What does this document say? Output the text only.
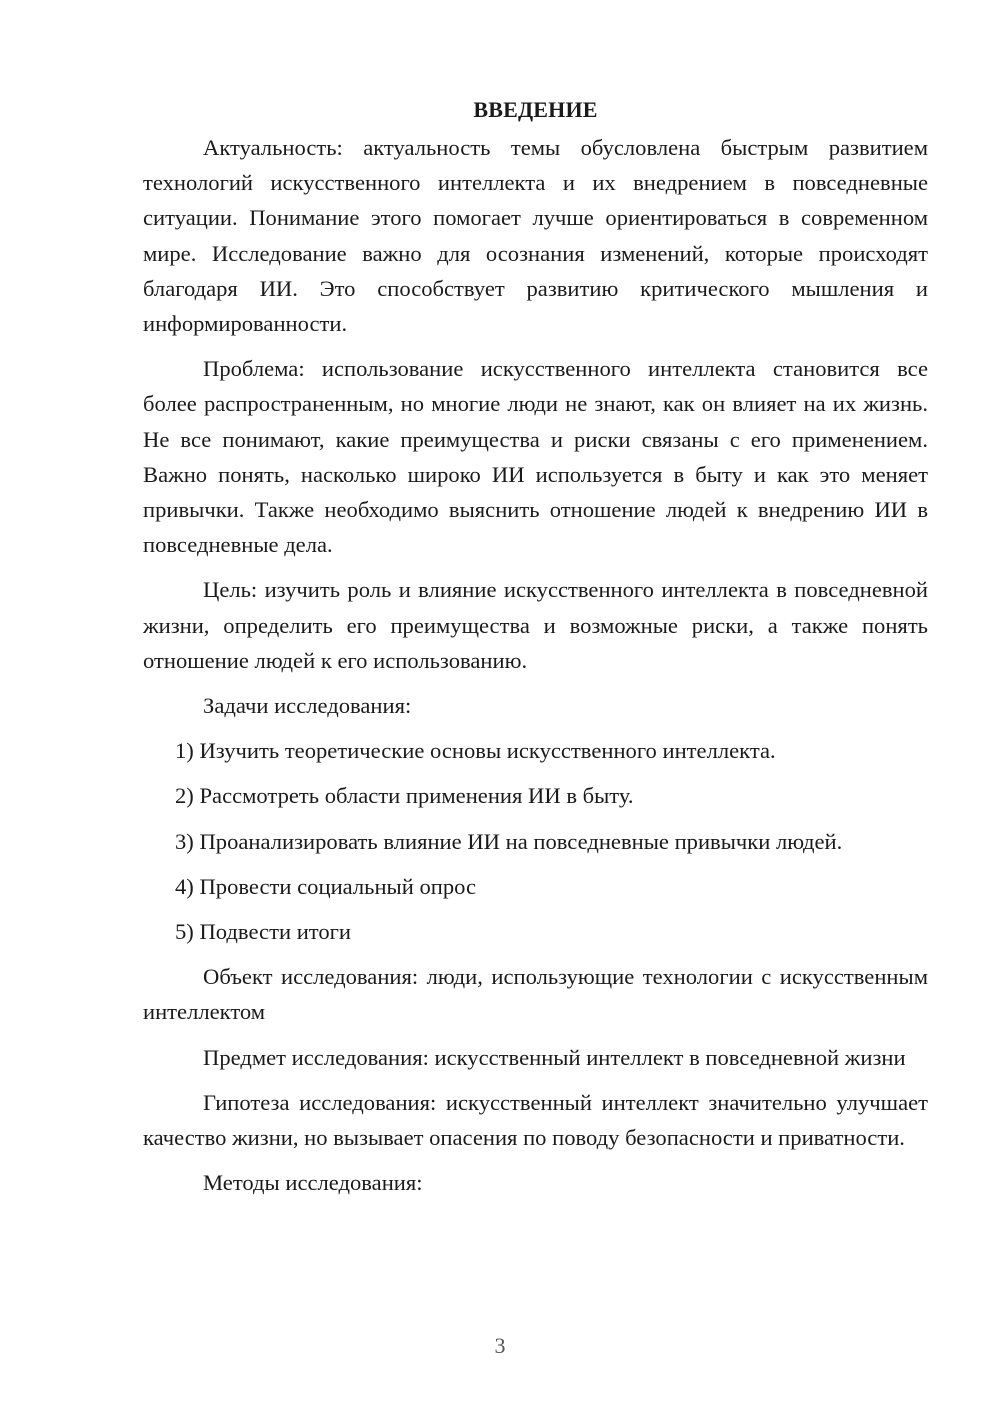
ВВЕДЕНИЕ

Актуальность: актуальность темы обусловлена быстрым развитием технологий искусственного интеллекта и их внедрением в повседневные ситуации. Понимание этого помогает лучше ориентироваться в современном мире. Исследование важно для осознания изменений, которые происходят благодаря ИИ. Это способствует развитию критического мышления и информированности.

Проблема: использование искусственного интеллекта становится все более распространенным, но многие люди не знают, как он влияет на их жизнь. Не все понимают, какие преимущества и риски связаны с его применением. Важно понять, насколько широко ИИ используется в быту и как это меняет привычки. Также необходимо выяснить отношение людей к внедрению ИИ в повседневные дела.

Цель: изучить роль и влияние искусственного интеллекта в повседневной жизни, определить его преимущества и возможные риски, а также понять отношение людей к его использованию.

Задачи исследования:

1) Изучить теоретические основы искусственного интеллекта.
2) Рассмотреть области применения ИИ в быту.
3) Проанализировать влияние ИИ на повседневные привычки людей.
4) Провести социальный опрос
5) Подвести итоги

Объект исследования: люди, использующие технологии с искусственным интеллектом

Предмет исследования: искусственный интеллект в повседневной жизни

Гипотеза исследования: искусственный интеллект значительно улучшает качество жизни, но вызывает опасения по поводу безопасности и приватности.

Методы исследования:

3
